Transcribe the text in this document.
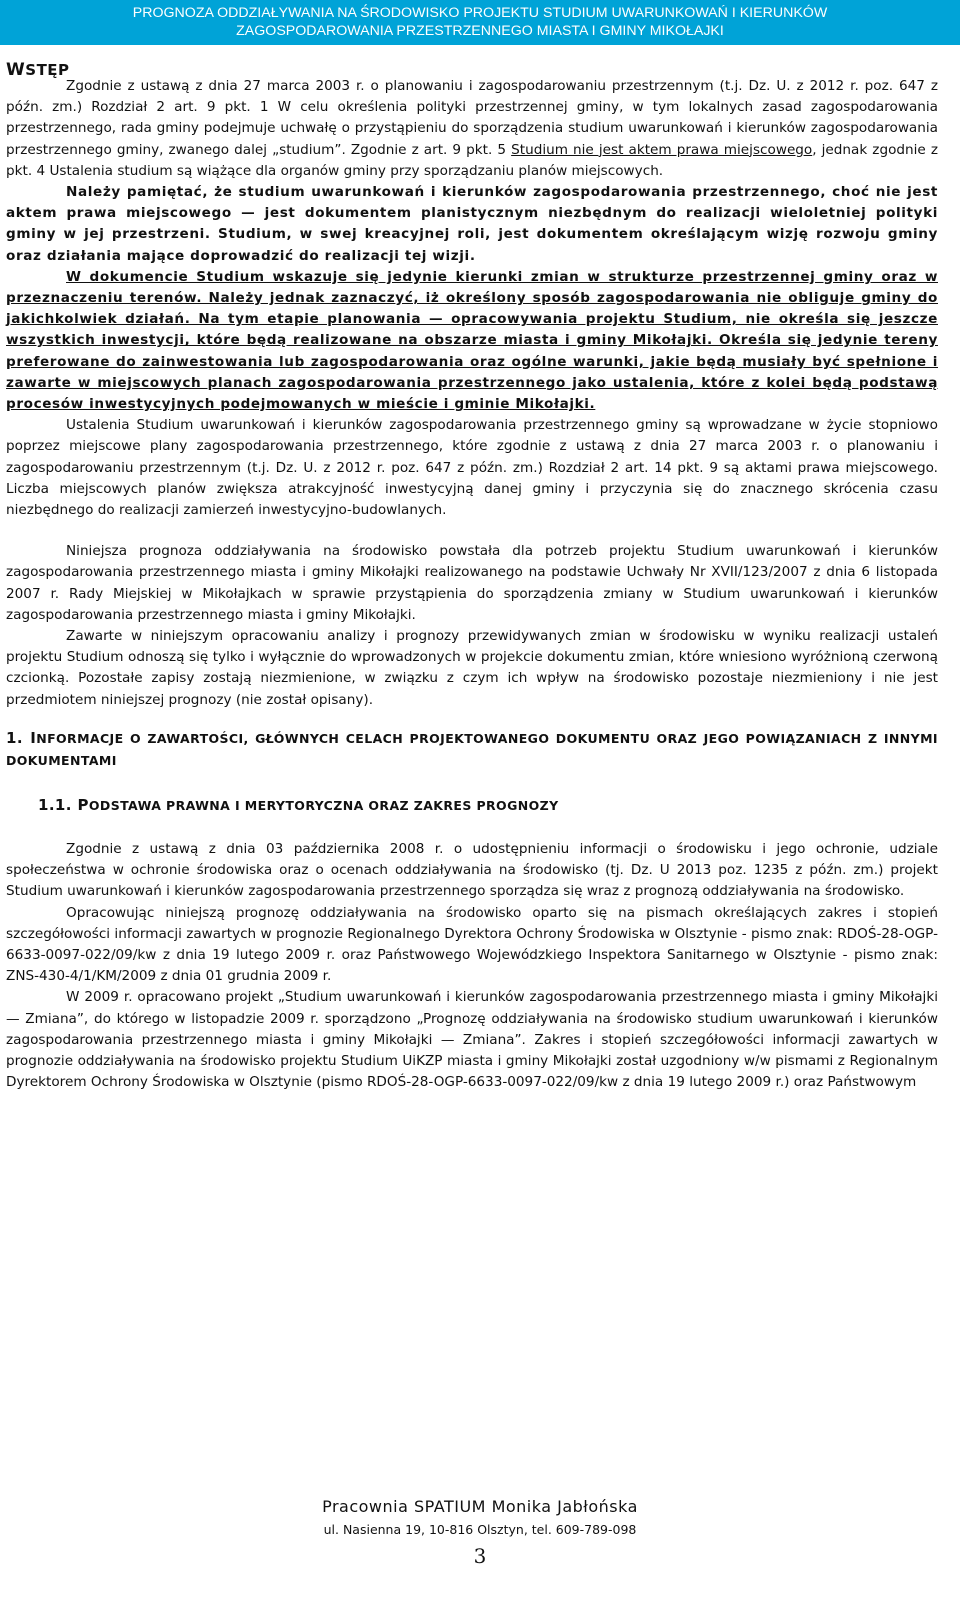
PROGNOZA ODDZIAŁYWANIA NA ŚRODOWISKO PROJEKTU STUDIUM UWARUNKOWAŃ I KIERUNKÓW
ZAGOSPODAROWANIA PRZESTRZENNEGO MIASTA I GMINY MIKOŁAJKI
WSTĘP

Zgodnie z ustawą z dnia 27 marca 2003 r. o planowaniu i zagospodarowaniu przestrzennym (t.j. Dz. U. z 2012 r. poz. 647 z późn. zm.) Rozdział 2 art. 9 pkt. 1 W celu określenia polityki przestrzennej gminy, w tym lokalnych zasad zagospodarowania przestrzennego, rada gminy podejmuje uchwałę o przystąpieniu do sporządzenia studium uwarunkowań i kierunków zagospodarowania przestrzennego gminy, zwanego dalej „studium”. Zgodnie z art. 9 pkt. 5 Studium nie jest aktem prawa miejscowego, jednak zgodnie z pkt. 4 Ustalenia studium są wiążące dla organów gminy przy sporządzaniu planów miejscowych.

Należy pamiętać, że studium uwarunkowań i kierunków zagospodarowania przestrzennego, choć nie jest aktem prawa miejscowego — jest dokumentem planistycznym niezbędnym do realizacji wieloletniej polityki gminy w jej przestrzeni. Studium, w swej kreacyjnej roli, jest dokumentem określającym wizję rozwoju gminy oraz działania mające doprowadzić do realizacji tej wizji.

W dokumencie Studium wskazuje się jedynie kierunki zmian w strukturze przestrzennej gminy oraz w przeznaczeniu terenów. Należy jednak zaznaczyć, iż określony sposób zagospodarowania nie obliguje gminy do jakichkolwiek działań. Na tym etapie planowania — opracowywania projektu Studium, nie określa się jeszcze wszystkich inwestycji, które będą realizowane na obszarze miasta i gminy Mikołajki. Określa się jedynie tereny preferowane do zainwestowania lub zagospodarowania oraz ogólne warunki, jakie będą musiały być spełnione i zawarte w miejscowych planach zagospodarowania przestrzennego jako ustalenia, które z kolei będą podstawą procesów inwestycyjnych podejmowanych w mieście i gminie Mikołajki.

Ustalenia Studium uwarunkowań i kierunków zagospodarowania przestrzennego gminy są wprowadzane w życie stopniowo poprzez miejscowe plany zagospodarowania przestrzennego, które zgodnie z ustawą z dnia 27 marca 2003 r. o planowaniu i zagospodarowaniu przestrzennym (t.j. Dz. U. z 2012 r. poz. 647 z późn. zm.) Rozdział 2 art. 14 pkt. 9 są aktami prawa miejscowego. Liczba miejscowych planów zwiększa atrakcyjność inwestycyjną danej gminy i przyczynia się do znacznego skrócenia czasu niezbędnego do realizacji zamierzeń inwestycyjno-budowlanych.

Niniejsza prognoza oddziaływania na środowisko powstała dla potrzeb projektu Studium uwarunkowań i kierunków zagospodarowania przestrzennego miasta i gminy Mikołajki realizowanego na podstawie Uchwały Nr XVII/123/2007 z dnia 6 listopada 2007 r. Rady Miejskiej w Mikołajkach w sprawie przystąpienia do sporządzenia zmiany w Studium uwarunkowań i kierunków zagospodarowania przestrzennego miasta i gminy Mikołajki.

Zawarte w niniejszym opracowaniu analizy i prognozy przewidywanych zmian w środowisku w wyniku realizacji ustaleń projektu Studium odnoszą się tylko i wyłącznie do wprowadzonych w projekcie dokumentu zmian, które wniesiono wyróżnioną czerwoną czcionką. Pozostałe zapisy zostają niezmienione, w związku z czym ich wpływ na środowisko pozostaje niezmieniony i nie jest przedmiotem niniejszej prognozy (nie został opisany).

1. INFORMACJE O ZAWARTOŚCI, GŁÓWNYCH CELACH PROJEKTOWANEGO DOKUMENTU ORAZ JEGO POWIĄZANIACH Z INNYMI DOKUMENTAMI
1.1. PODSTAWA PRAWNA I MERYTORYCZNA ORAZ ZAKRES PROGNOZY

Zgodnie z ustawą z dnia 03 października 2008 r. o udostępnieniu informacji o środowisku i jego ochronie, udziale społeczeństwa w ochronie środowiska oraz o ocenach oddziaływania na środowisko (tj. Dz. U 2013 poz. 1235 z późn. zm.) projekt Studium uwarunkowań i kierunków zagospodarowania przestrzennego sporządza się wraz z prognozą oddziaływania na środowisko.

Opracowując niniejszą prognozę oddziaływania na środowisko oparto się na pismach określających zakres i stopień szczegółowości informacji zawartych w prognozie Regionalnego Dyrektora Ochrony Środowiska w Olsztynie - pismo znak: RDOŚ-28-OGP-6633-0097-022/09/kw z dnia 19 lutego 2009 r. oraz Państwowego Wojewódzkiego Inspektora Sanitarnego w Olsztynie - pismo znak: ZNS-430-4/1/KM/2009 z dnia 01 grudnia 2009 r.

W 2009 r. opracowano projekt „Studium uwarunkowań i kierunków zagospodarowania przestrzennego miasta i gminy Mikołajki — Zmiana”, do którego w listopadzie 2009 r. sporządzono „Prognozę oddziaływania na środowisko studium uwarunkowań i kierunków zagospodarowania przestrzennego miasta i gminy Mikołajki — Zmiana”. Zakres i stopień szczegółowości informacji zawartych w prognozie oddziaływania na środowisko projektu Studium UiKZP miasta i gminy Mikołajki został uzgodniony w/w pismami z Regionalnym Dyrektorem Ochrony Środowiska w Olsztynie (pismo RDOŚ-28-OGP-6633-0097-022/09/kw z dnia 19 lutego 2009 r.) oraz Państwowym

Pracownia SPATIUM Monika Jabłońska
ul. Nasienna 19, 10-816 Olsztyn, tel. 609-789-098
3
